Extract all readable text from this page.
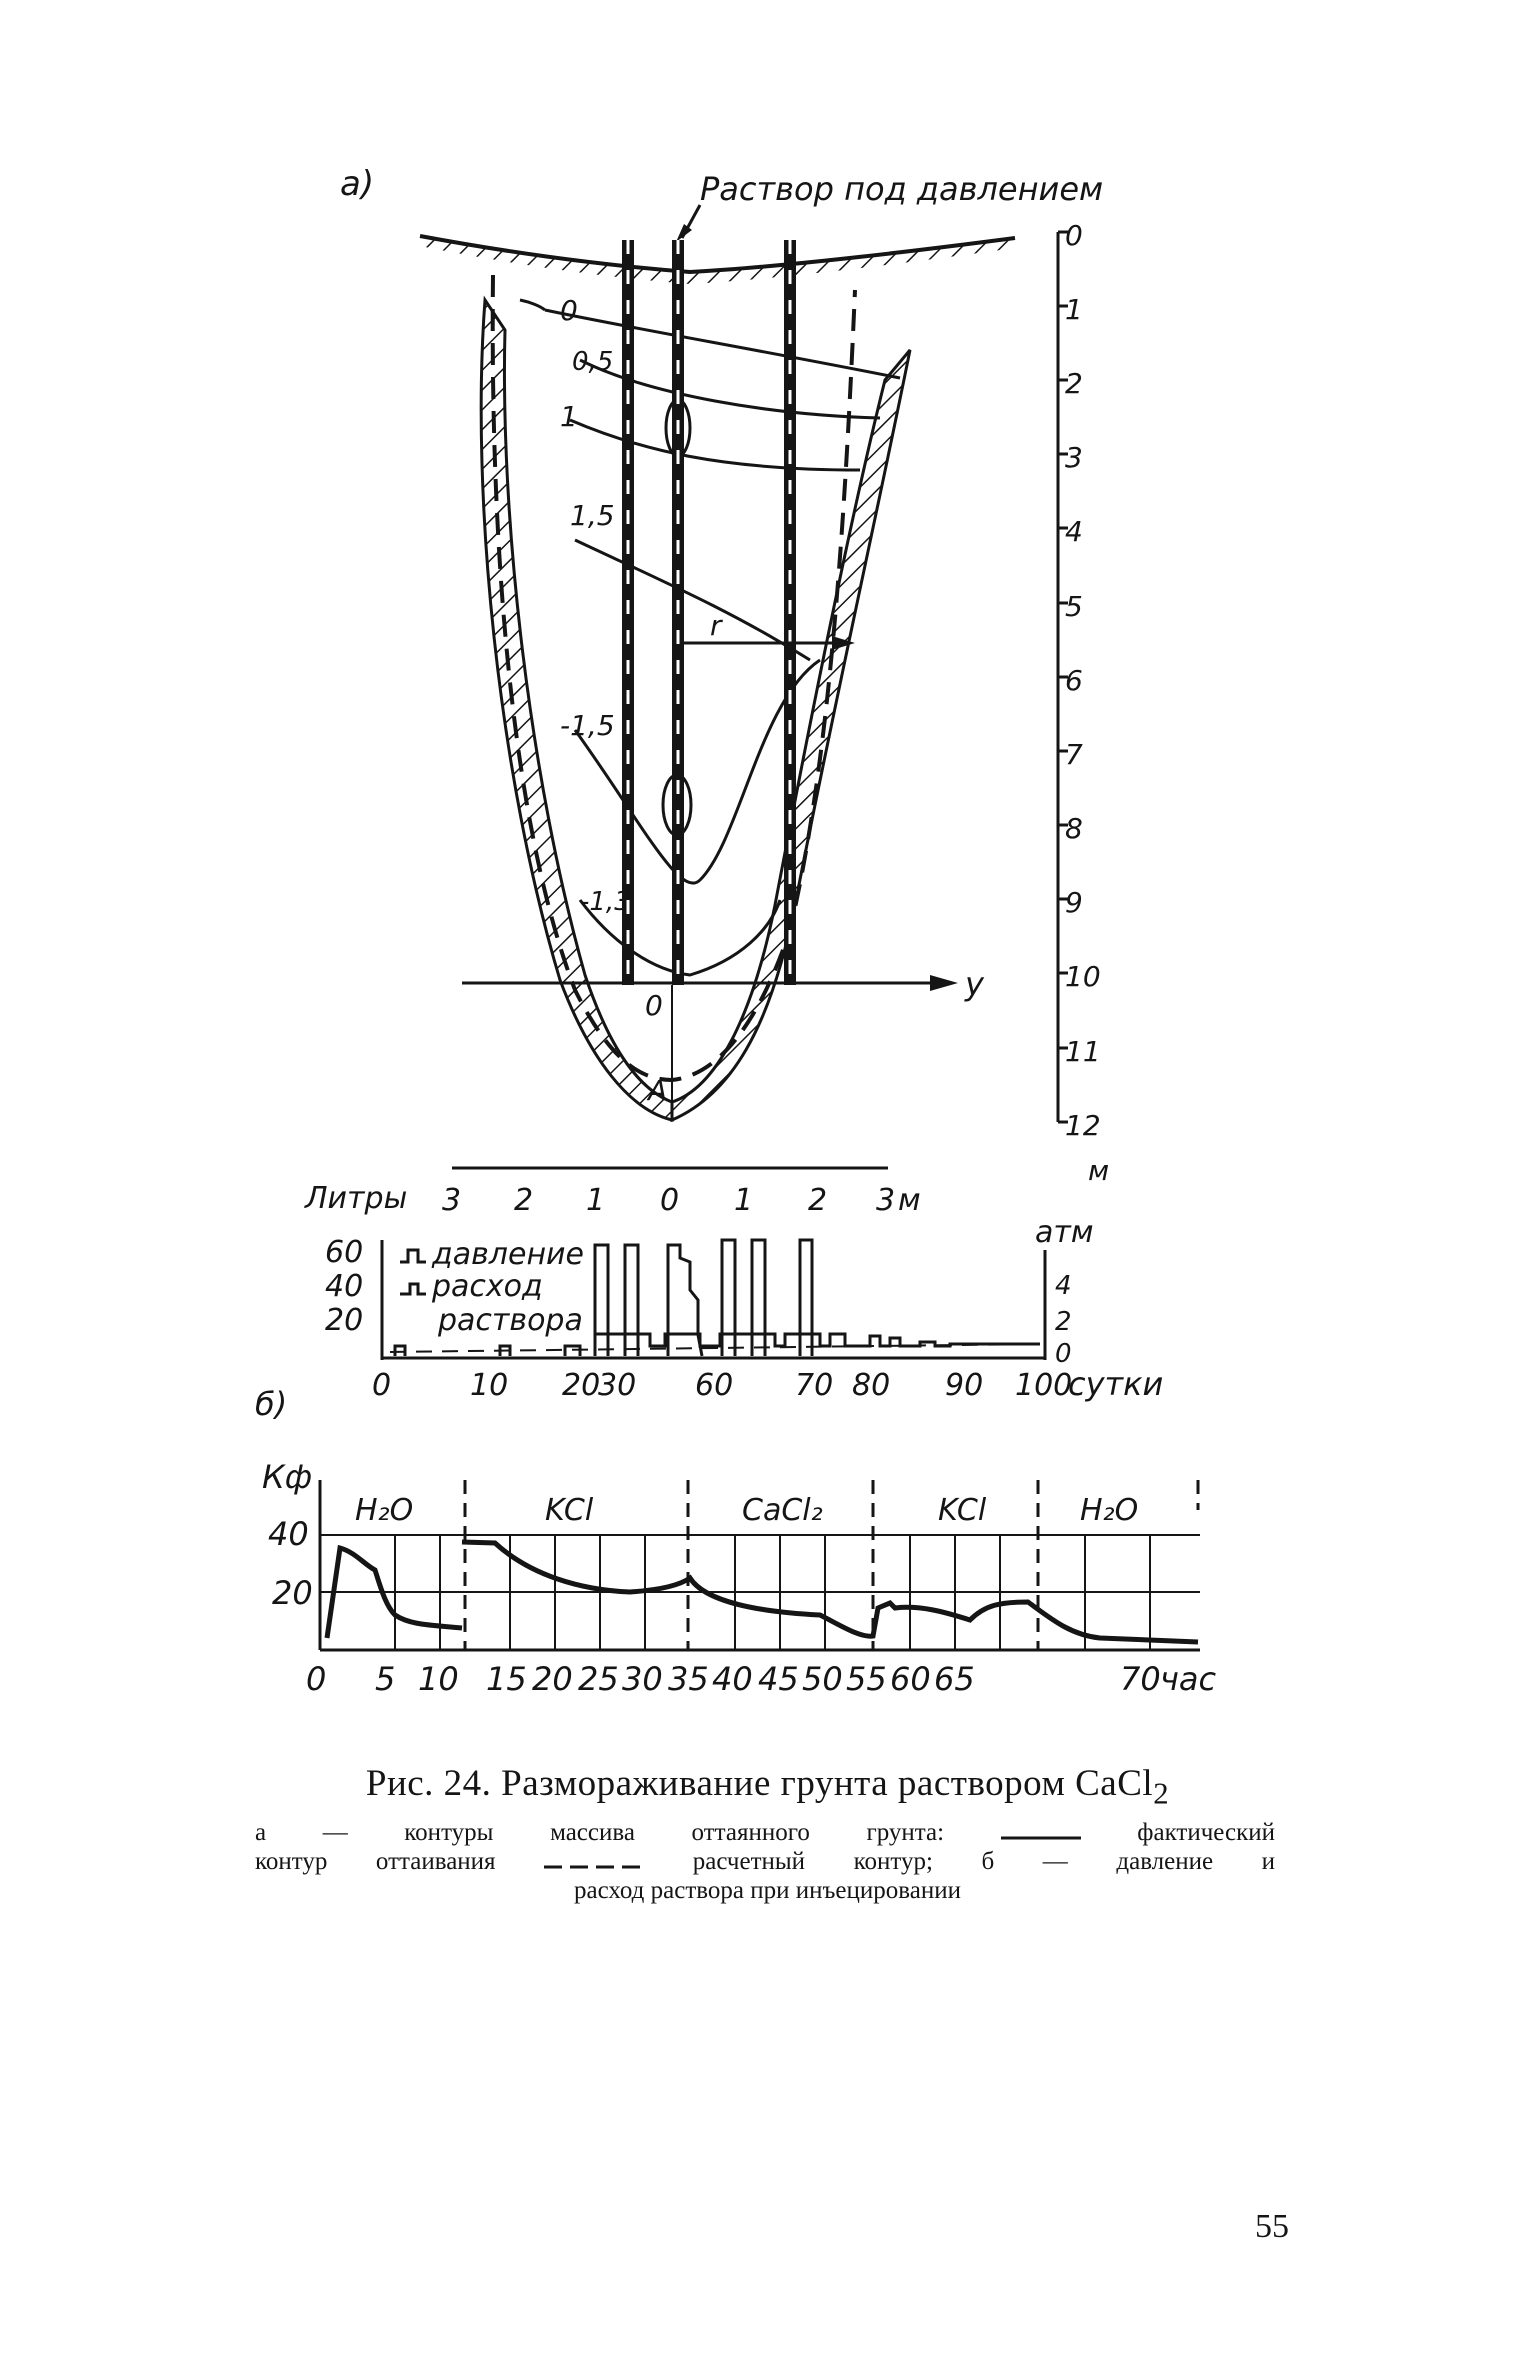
а)	Раствор под давлением
0
0,5
1
1,5
-1,5
-1,3
r
y
0
A
0
1
2
3
4
5
6
7
8
9
10
11
12
м
3 2 1 0 1 2 3 м
Литры
атм
60
40
20
4
2
0
давление
расход
раствора
0	10 20
30 60 70 80 90 100
сутки
б)
Кф
40
20
H₂O	KCl	CaCl₂	KCl	H₂O
0 5 10 15 20 25 30 35 40 45 50 55 60 65	70 час
Рис. 24. Размораживание грунта раствором CaCl$_2$
а — контуры массива оттаянного грунта:	фактический
контур оттаивания	расчетный контур; б — давление и
расход раствора при инъецировании
55
